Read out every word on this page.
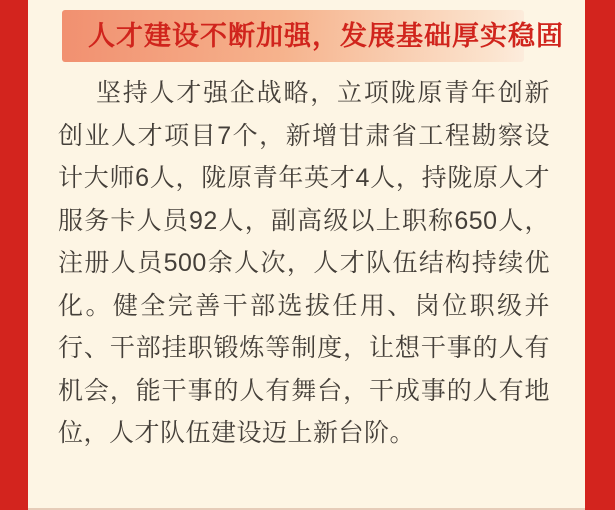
人才建设不断加强，发展基础厚实稳固

坚持人才强企战略，立项陇原青年创新创业人才项目7个，新增甘肃省工程勘察设计大师6人，陇原青年英才4人，持陇原人才服务卡人员92人，副高级以上职称650人，注册人员500余人次，人才队伍结构持续优化。健全完善干部选拔任用、岗位职级并行、干部挂职锻炼等制度，让想干事的人有机会，能干事的人有舞台，干成事的人有地位，人才队伍建设迈上新台阶。
